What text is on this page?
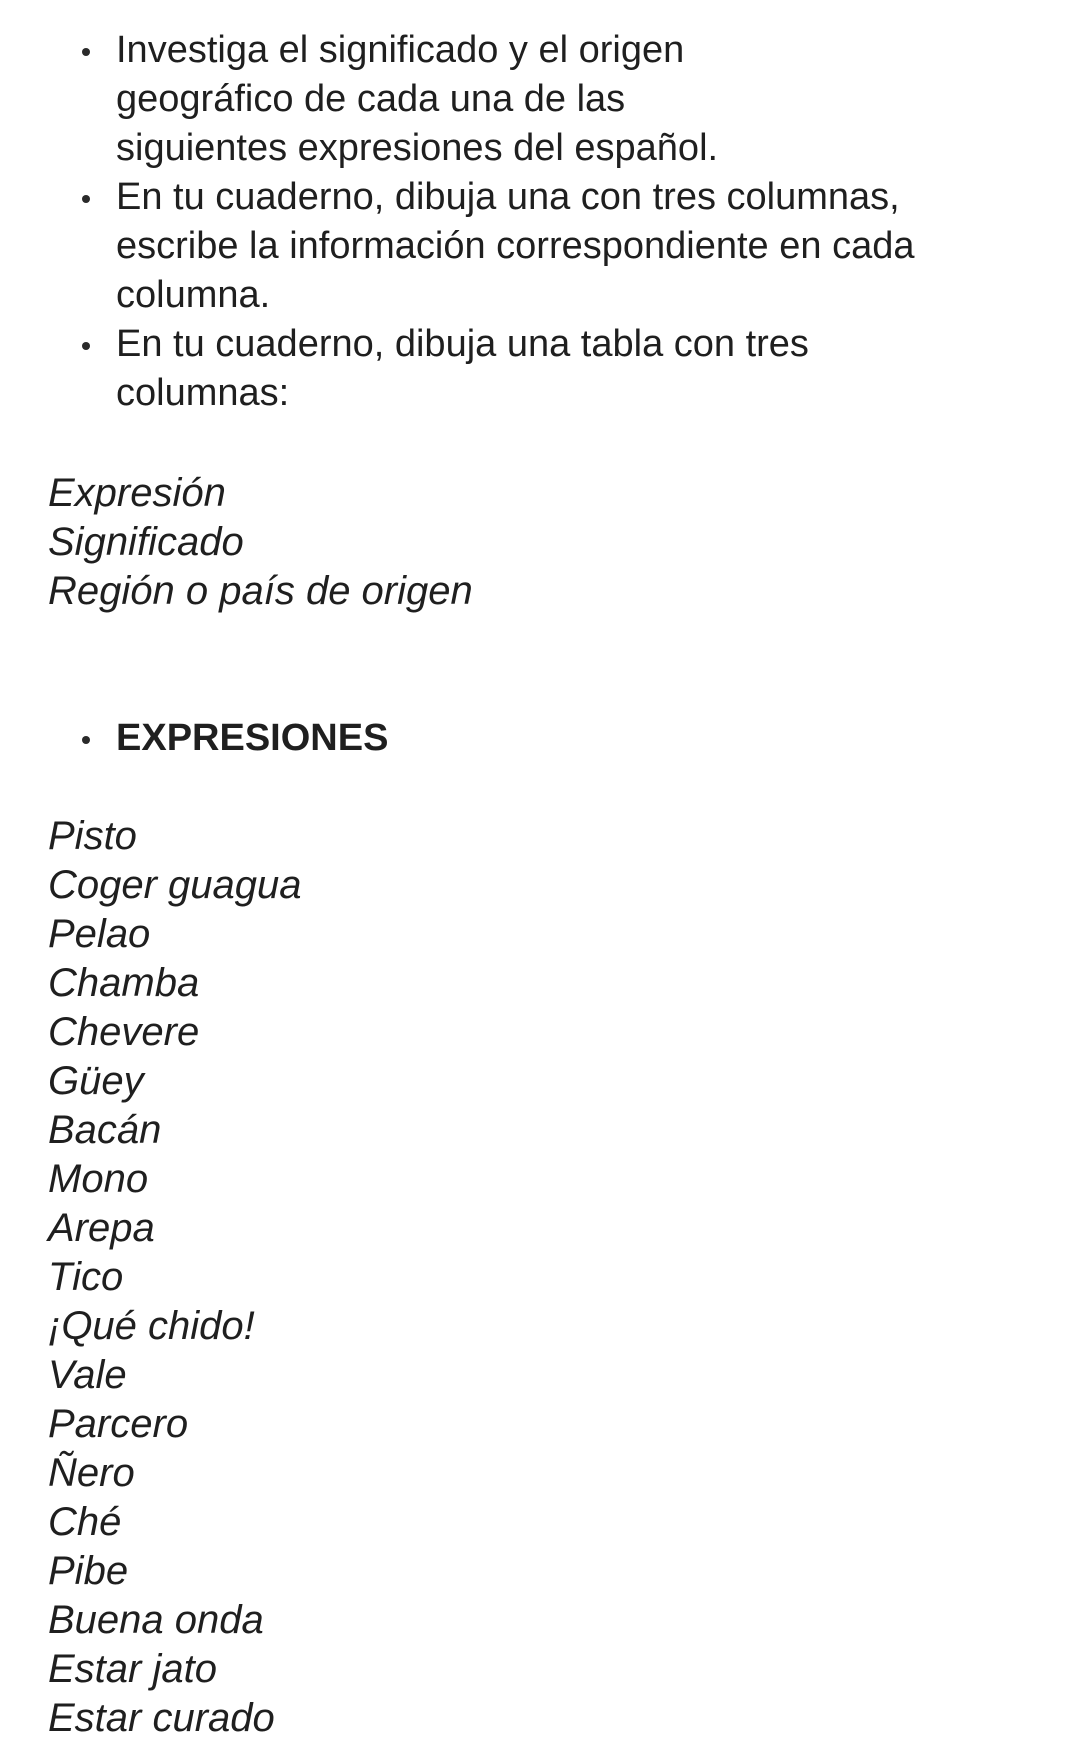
Investiga el significado y el origen
geográfico de cada una de las
siguientes expresiones del español.
En tu cuaderno, dibuja una con tres columnas,
escribe la información correspondiente en cada
columna.
En tu cuaderno, dibuja una tabla con tres
columnas:
Expresión
Significado
Región o país de origen
EXPRESIONES
Pisto
Coger guagua
Pelao
Chamba
Chevere
Güey
Bacán
Mono
Arepa
Tico
¡Qué chido!
Vale
Parcero
Ñero
Ché
Pibe
Buena onda
Estar jato
Estar curado
